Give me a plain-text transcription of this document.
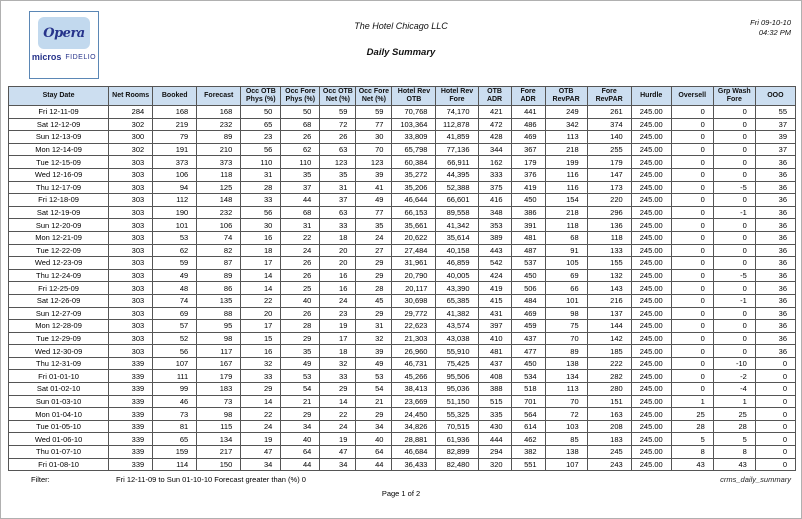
Opera
micros FIDELIO
The Hotel Chicago LLC
Daily Summary
Fri 09-10-10
04:32 PM
Stay Date	Net Rooms	Booked	Forecast	Occ OTB Phys (%)	Occ Fore Phys (%)	Occ OTB Net (%)	Occ Fore Net (%)	Hotel Rev OTB	Hotel Rev Fore	OTB ADR	Fore ADR	OTB RevPAR	Fore RevPAR	Hurdle	Oversell	Grp Wash Fore	OOO
Fri 12-11-09	284	168	168	50	50	59	59	70,768	74,170	421	441	249	261	245.00	0	0	55
Sat 12-12-09	302	219	232	65	68	72	77	103,364	112,878	472	486	342	374	245.00	0	0	37
Sun 12-13-09	300	79	89	23	26	26	30	33,809	41,859	428	469	113	140	245.00	0	0	39
Mon 12-14-09	302	191	210	56	62	63	70	65,798	77,136	344	367	218	255	245.00	0	0	37
Tue 12-15-09	303	373	373	110	110	123	123	60,384	66,911	162	179	199	179	245.00	0	0	36
Wed 12-16-09	303	106	118	31	35	35	39	35,272	44,395	333	376	116	147	245.00	0	0	36
Thu 12-17-09	303	94	125	28	37	31	41	35,206	52,388	375	419	116	173	245.00	0	-5	36
Fri 12-18-09	303	112	148	33	44	37	49	46,644	66,601	416	450	154	220	245.00	0	0	36
Sat 12-19-09	303	190	232	56	68	63	77	66,153	89,558	348	386	218	296	245.00	0	-1	36
Sun 12-20-09	303	101	106	30	31	33	35	35,661	41,342	353	391	118	136	245.00	0	0	36
Mon 12-21-09	303	53	74	16	22	18	24	20,622	35,614	389	481	68	118	245.00	0	0	36
Tue 12-22-09	303	62	82	18	24	20	27	27,484	40,158	443	487	91	133	245.00	0	0	36
Wed 12-23-09	303	59	87	17	26	20	29	31,961	46,859	542	537	105	155	245.00	0	0	36
Thu 12-24-09	303	49	89	14	26	16	29	20,790	40,005	424	450	69	132	245.00	0	-5	36
Fri 12-25-09	303	48	86	14	25	16	28	20,117	43,390	419	506	66	143	245.00	0	0	36
Sat 12-26-09	303	74	135	22	40	24	45	30,698	65,385	415	484	101	216	245.00	0	-1	36
Sun 12-27-09	303	69	88	20	26	23	29	29,772	41,382	431	469	98	137	245.00	0	0	36
Mon 12-28-09	303	57	95	17	28	19	31	22,623	43,574	397	459	75	144	245.00	0	0	36
Tue 12-29-09	303	52	98	15	29	17	32	21,303	43,038	410	437	70	142	245.00	0	0	36
Wed 12-30-09	303	56	117	16	35	18	39	26,960	55,910	481	477	89	185	245.00	0	0	36
Thu 12-31-09	339	107	167	32	49	32	49	46,731	75,425	437	450	138	222	245.00	0	-10	0
Fri 01-01-10	339	111	179	33	53	33	53	45,266	95,506	408	534	134	282	245.00	0	-2	0
Sat 01-02-10	339	99	183	29	54	29	54	38,413	95,036	388	518	113	280	245.00	0	-4	0
Sun 01-03-10	339	46	73	14	21	14	21	23,669	51,150	515	701	70	151	245.00	1	1	0
Mon 01-04-10	339	73	98	22	29	22	29	24,450	55,325	335	564	72	163	245.00	25	25	0
Tue 01-05-10	339	81	115	24	34	24	34	34,826	70,515	430	614	103	208	245.00	28	28	0
Wed 01-06-10	339	65	134	19	40	19	40	28,881	61,936	444	462	85	183	245.00	5	5	0
Thu 01-07-10	339	159	217	47	64	47	64	46,684	82,899	294	382	138	245	245.00	8	8	0
Fri 01-08-10	339	114	150	34	44	34	44	36,433	82,480	320	551	107	243	245.00	43	43	0
Filter:	Fri 12-11-09 to Sun 01-10-10 Forecast greater than (%) 0
Page 1 of 2
crms_daily_summary
